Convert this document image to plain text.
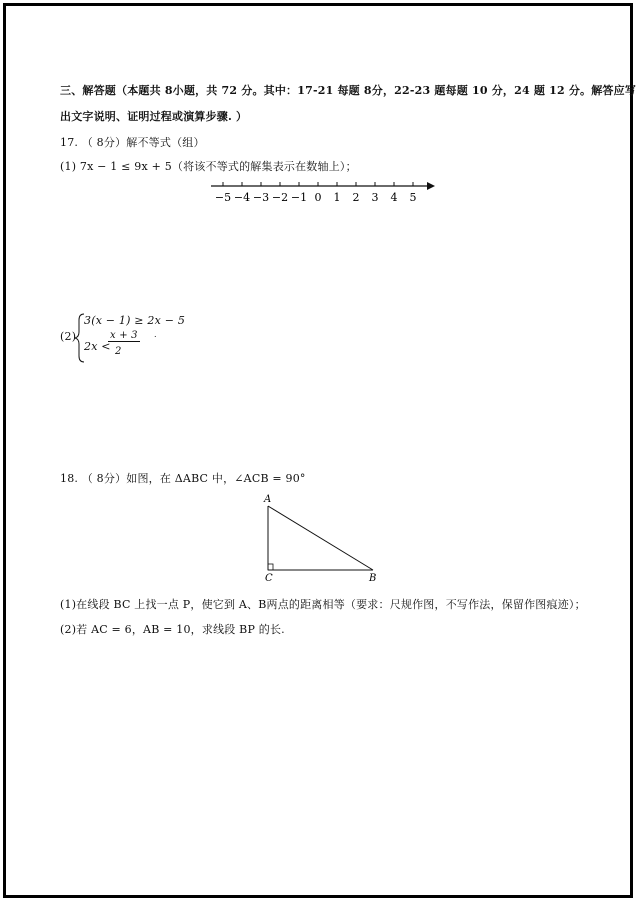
三、解答题（本题共 8小题，共 72 分。其中：17-21 每题 8分，22-23 题每题 10 分，24 题 12 分。解答应写
出文字说明、证明过程或演算步骤. ）
17. （ 8分）解不等式（组）
(1) 7x − 1 ≤ 9x + 5（将该不等式的解集表示在数轴上）；
−5 −4 −3 −2 −1 0 1 2 3 4 5
(2)
3(x − 1) ≥ 2x − 5
2x <
x + 3
2
.
18. （ 8分）如图，在 ΔABC 中，∠ACB = 90°
A
C	B
(1)在线段 BC 上找一点 P，使它到 A、B两点的距离相等（要求：尺规作图，不写作法，保留作图痕迹）；
(2)若 AC = 6，AB = 10，求线段 BP 的长.
